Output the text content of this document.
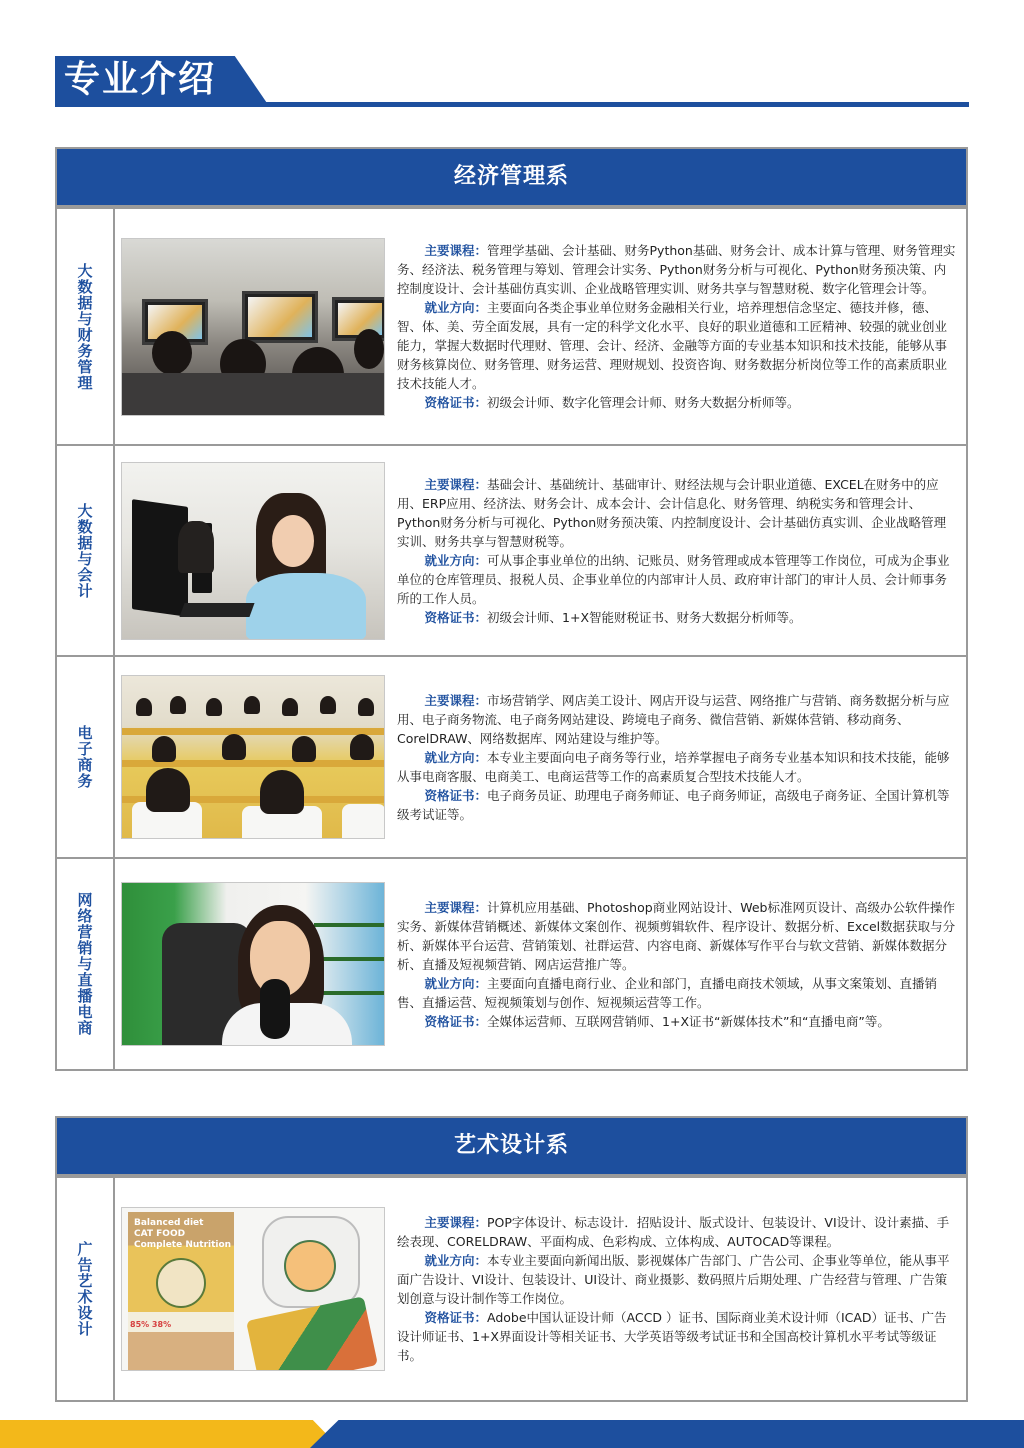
专业介绍
经济管理系
大数据与财务管理

主要课程：管理学基础、会计基础、财务Python基础、财务会计、成本计算与管理、财务管理实务、经济法、税务管理与筹划、管理会计实务、Python财务分析与可视化、Python财务预决策、内控制度设计、会计基础仿真实训、企业战略管理实训、财务共享与智慧财税、数字化管理会计等。

就业方向：主要面向各类企事业单位财务金融相关行业，培养理想信念坚定、德技并修，德、智、体、美、劳全面发展，具有一定的科学文化水平、良好的职业道德和工匠精神、较强的就业创业能力，掌握大数据时代理财、管理、会计、经济、金融等方面的专业基本知识和技术技能，能够从事财务核算岗位、财务管理、财务运营、理财规划、投资咨询、财务数据分析岗位等工作的高素质职业技术技能人才。

资格证书：初级会计师、数字化管理会计师、财务大数据分析师等。

大数据与会计

主要课程：基础会计、基础统计、基础审计、财经法规与会计职业道德、EXCEL在财务中的应用、ERP应用、经济法、财务会计、成本会计、会计信息化、财务管理、纳税实务和管理会计、Python财务分析与可视化、Python财务预决策、内控制度设计、会计基础仿真实训、企业战略管理实训、财务共享与智慧财税等。

就业方向：可从事企事业单位的出纳、记账员、财务管理或成本管理等工作岗位，可成为企事业单位的仓库管理员、报税人员、企事业单位的内部审计人员、政府审计部门的审计人员、会计师事务所的工作人员。

资格证书：初级会计师、1+X智能财税证书、财务大数据分析师等。

电子商务

主要课程：市场营销学、网店美工设计、网店开设与运营、网络推广与营销、商务数据分析与应用、电子商务物流、电子商务网站建设、跨境电子商务、微信营销、新媒体营销、移动商务、CorelDRAW、网络数据库、网站建设与维护等。

就业方向：本专业主要面向电子商务等行业，培养掌握电子商务专业基本知识和技术技能，能够从事电商客服、电商美工、电商运营等工作的高素质复合型技术技能人才。

资格证书：电子商务员证、助理电子商务师证、电子商务师证，高级电子商务证、全国计算机等级考试证等。

网络营销与直播电商	主要课程：计算机应用基础、Photoshop商业网站设计、Web标准网页设计、高级办公软件操作实务、新媒体营销概述、新媒体文案创作、视频剪辑软件、程序设计、数据分析、Excel数据获取与分析、新媒体平台运营、营销策划、社群运营、内容电商、新媒体写作平台与软文营销、新媒体数据分析、直播及短视频营销、网店运营推广等。

就业方向：主要面向直播电商行业、企业和部门，直播电商技术领域，从事文案策划、直播销售、直播运营、短视频策划与创作、短视频运营等工作。

资格证书：全媒体运营师、互联网营销师、1+X证书“新媒体技术”和“直播电商”等。

艺术设计系
广告艺术设计
Balanced diet
CAT FOOD
Complete Nutrition
85% 38%

主要课程：POP字体设计、标志设计．招贴设计、版式设计、包装设计、VI设计、设计素描、手绘表现、CORELDRAW、平面构成、色彩构成、立体构成、AUTOCAD等课程。

就业方向：本专业主要面向新闻出版、影视媒体广告部门、广告公司、企事业等单位，能从事平面广告设计、VI设计、包装设计、UI设计、商业摄影、数码照片后期处理、广告经营与管理、广告策划创意与设计制作等工作岗位。

资格证书：Adobe中国认证设计师（ACCD ）证书、国际商业美术设计师（ICAD）证书、广告设计师证书、1+X界面设计等相关证书、大学英语等级考试证书和全国高校计算机水平考试等级证书。
